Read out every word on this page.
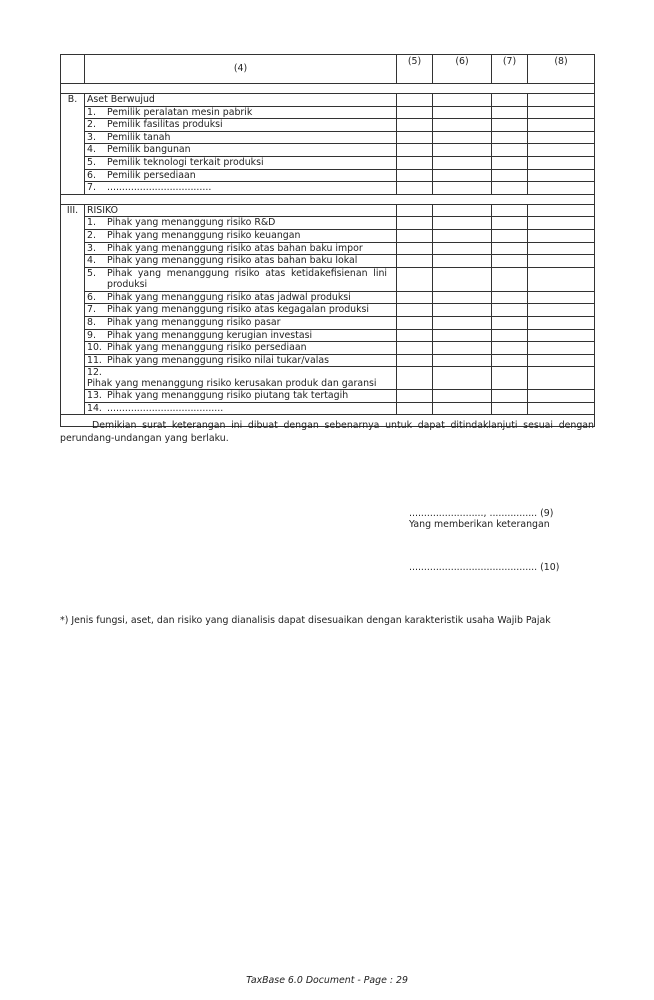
	(4)	(5)	(6)	(7)	(8)

B.	Aset Berwujud				
	1. Pemilik peralatan mesin pabrik				
	2. Pemilik fasilitas produksi				
	3. Pemilik tanah				
	4. Pemilik bangunan				
	5. Pemilik teknologi terkait produksi				
	6. Pemilik persediaan				
	7. ...................................				

III.	RISIKO				
	1. Pihak yang menanggung risiko R&D				
	2. Pihak yang menanggung risiko keuangan				
	3. Pihak yang menanggung risiko atas bahan baku impor				
	4. Pihak yang menanggung risiko atas bahan baku lokal				
	5. Pihak yang menanggung risiko atas ketidakefisienan lini
produksi				
	6. Pihak yang menanggung risiko atas jadwal produksi				
	7. Pihak yang menanggung risiko atas kegagalan produksi				
	8. Pihak yang menanggung risiko pasar				
	9. Pihak yang menanggung kerugian investasi				
	10. Pihak yang menanggung risiko persediaan				
	11. Pihak yang menanggung risiko nilai tukar/valas				
	12.Pihak yang menanggung risiko kerusakan produk dan garansi				
	13. Pihak yang menanggung risiko piutang tak tertagih				
	14. .......................................				

Demikian surat keterangan ini dibuat dengan sebenarnya untuk dapat ditindaklanjuti sesuai dengan perundang-undangan yang berlaku.
........................., ................ (9)
Yang memberikan keterangan
........................................... (10)
*) Jenis fungsi, aset, dan risiko yang dianalisis dapat disesuaikan dengan karakteristik usaha Wajib Pajak
TaxBase 6.0 Document - Page : 29
